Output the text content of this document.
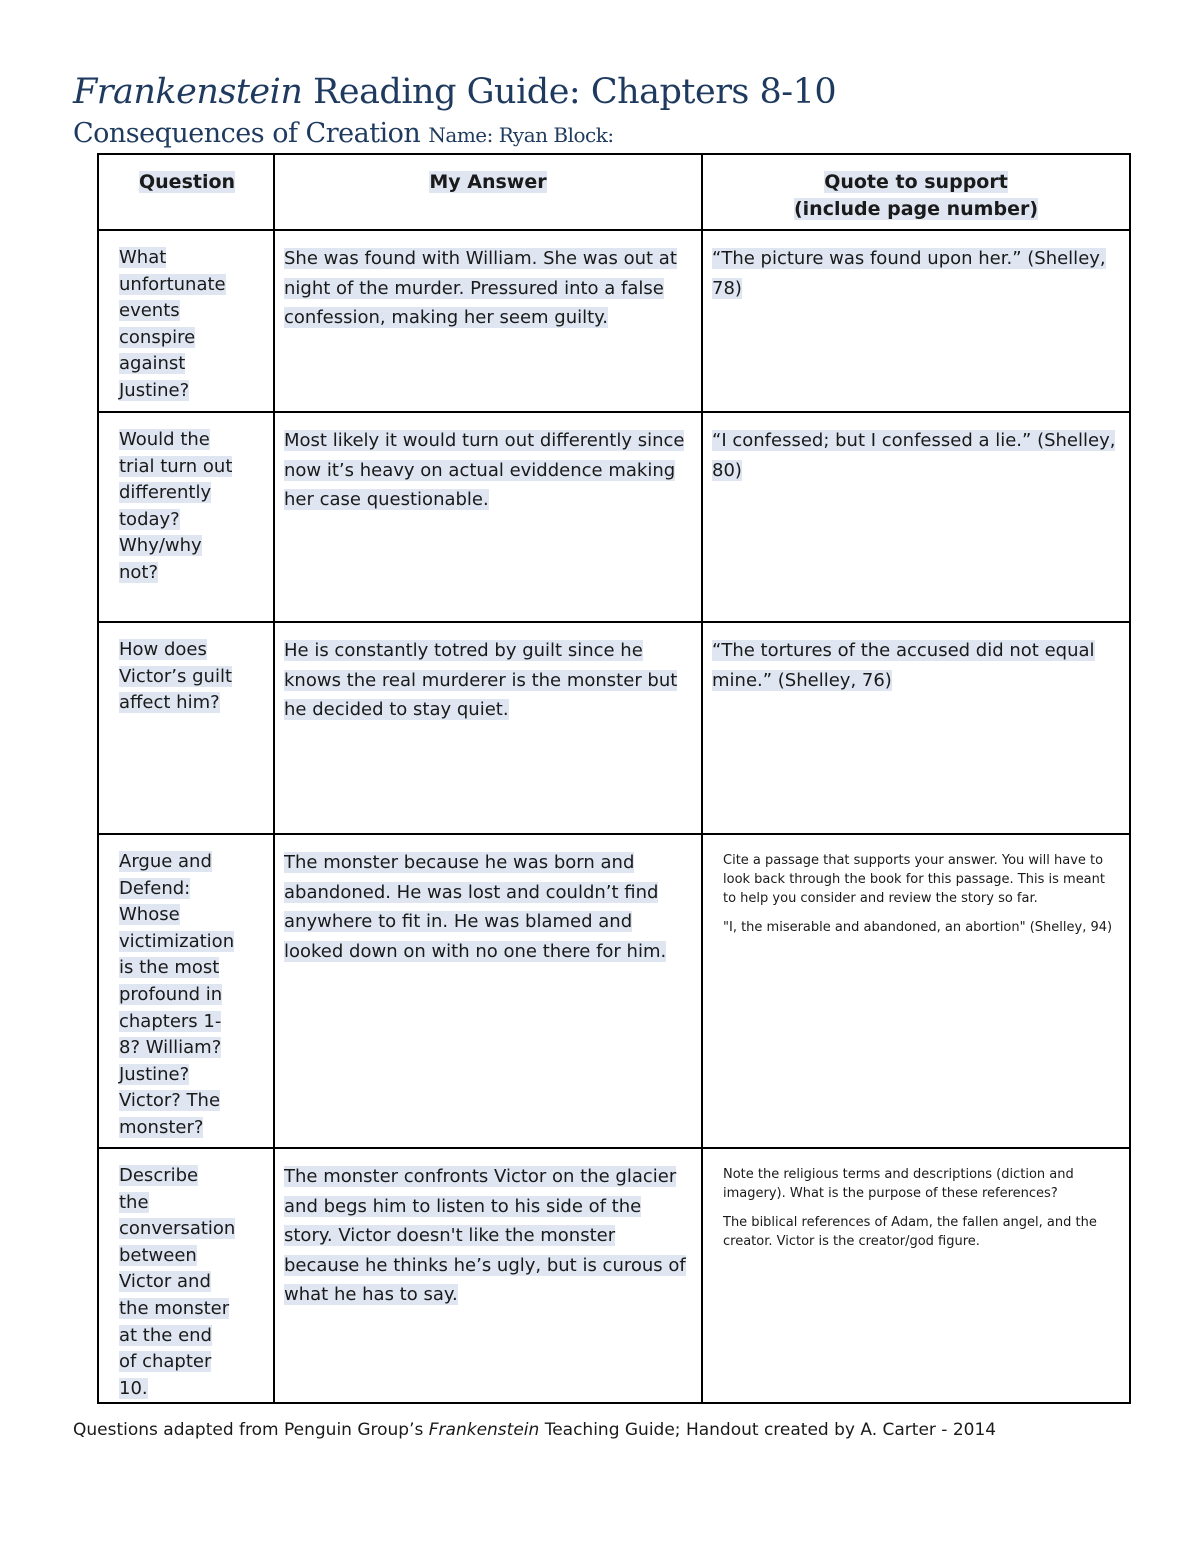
Frankenstein Reading Guide: Chapters 8-10
Consequences of Creation Name: Ryan Block:
Question	My Answer	Quote to support
(include page number)

What unfortunate events conspire against Justine?	She was found with William. She was out at night of the murder. Pressured into a false confession, making her seem guilty.	“The picture was found upon her.” (Shelley, 78)

Would the trial turn out differently today? Why/why not?	Most likely it would turn out differently since now it’s heavy on actual eviddence making her case questionable.	“I confessed; but I confessed a lie.” (Shelley, 80)

How does Victor’s guilt affect him?	He is constantly totred by guilt since he knows the real murderer is the monster but he decided to stay quiet.	“The tortures of the accused did not equal mine.” (Shelley, 76)

Argue and Defend: Whose victimization is the most profound in chapters 1-8? William? Justine? Victor? The monster?	The monster because he was born and abandoned. He was lost and couldn’t find anywhere to fit in. He was blamed and looked down on with no one there for him.	Cite a passage that supports your answer. You will have to look back through the book for this passage. This is meant to help you consider and review the story so far.

"I, the miserable and abandoned, an abortion" (Shelley, 94)

Describe the conversation between Victor and the monster at the end of chapter 10.	The monster confronts Victor on the glacier and begs him to listen to his side of the story. Victor doesn't like the monster because he thinks he’s ugly, but is curous of what he has to say.	Note the religious terms and descriptions (diction and imagery). What is the purpose of these references?

The biblical references of Adam, the fallen angel, and the creator. Victor is the creator/god figure.

Questions adapted from Penguin Group’s Frankenstein Teaching Guide; Handout created by A. Carter - 2014
